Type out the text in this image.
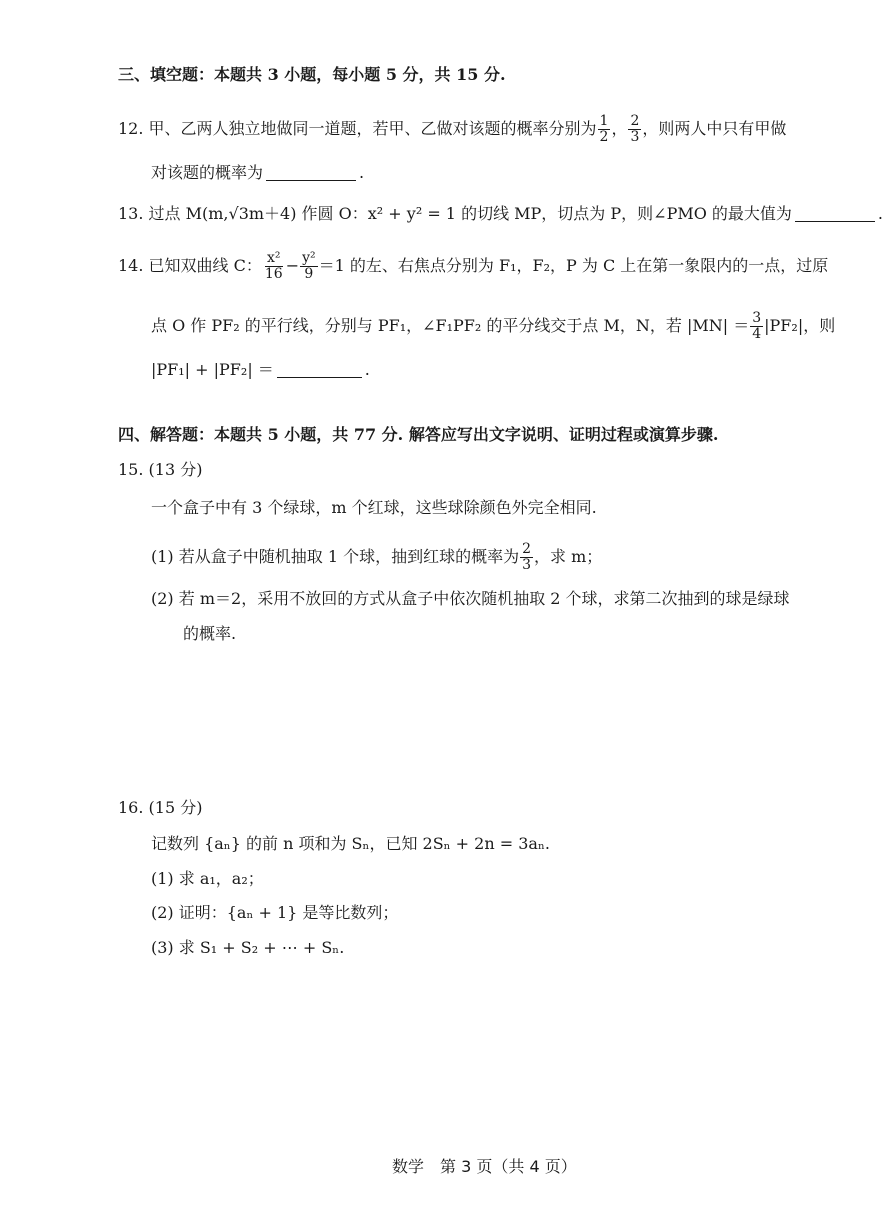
三、填空题：本题共 3 小题，每小题 5 分，共 15 分.
12. 甲、乙两人独立地做同一道题，若甲、乙做对该题的概率分别为 $\frac{1}{2}$ ， $\frac{2}{3}$ ，则两人中只有甲做
对该题的概率为	.
13. 过点 M(m,√3m＋4) 作圆 O：x² + y² = 1 的切线 MP，切点为 P，则∠PMO 的最大值为	.
14. 已知双曲线 C： $\frac{\text{x²}}{16} - \frac{\text{y²}}{9} =1$ 的左、右焦点分别为 F₁，F₂，P 为 C 上在第一象限内的一点，过原
点 O 作 PF₂ 的平行线，分别与 PF₁，∠F₁PF₂ 的平分线交于点 M，N，若 $|MN| = \frac{3}{4} |PF_2|$，则
|PF₁| + |PF₂| ＝	.
四、解答题：本题共 5 小题，共 77 分. 解答应写出文字说明、证明过程或演算步骤.
15. (13 分)
一个盒子中有 3 个绿球，m 个红球，这些球除颜色外完全相同.
(1) 若从盒子中随机抽取 1 个球，抽到红球的概率为 $\frac{2}{3}$ ，求 m；
(2) 若 m＝2，采用不放回的方式从盒子中依次随机抽取 2 个球，求第二次抽到的球是绿球
的概率.
16. (15 分)
记数列 {aₙ} 的前 n 项和为 Sₙ，已知 2Sₙ + 2n = 3aₙ.
(1) 求 a₁，a₂；
(2) 证明：{aₙ + 1} 是等比数列；
(3) 求 S₁ + S₂ + ⋯ + Sₙ.
数学　第 3 页（共 4 页）
